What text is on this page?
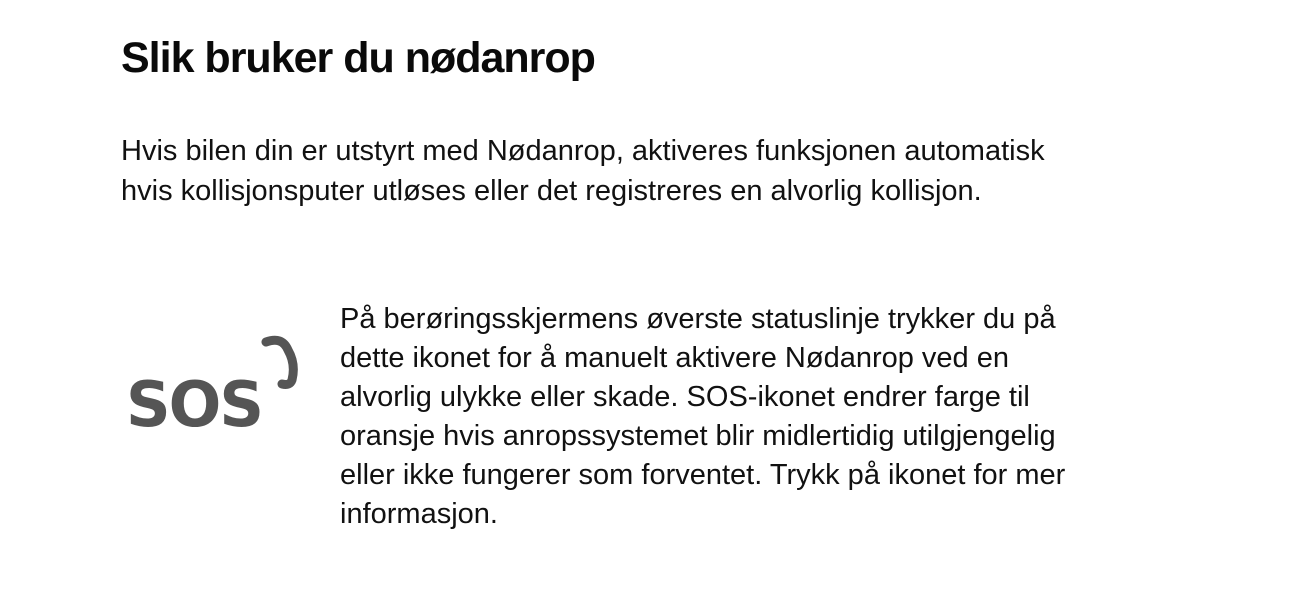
Slik bruker du nødanrop

Hvis bilen din er utstyrt med Nødanrop, aktiveres funksjonen automatisk hvis kollisjonsputer utløses eller det registreres en alvorlig kollisjon.

SOS

På berøringsskjermens øverste statuslinje trykker du på dette ikonet for å manuelt aktivere Nødanrop ved en alvorlig ulykke eller skade. SOS-ikonet endrer farge til oransje hvis anropssystemet blir midlertidig utilgjengelig eller ikke fungerer som forventet. Trykk på ikonet for mer informasjon.
